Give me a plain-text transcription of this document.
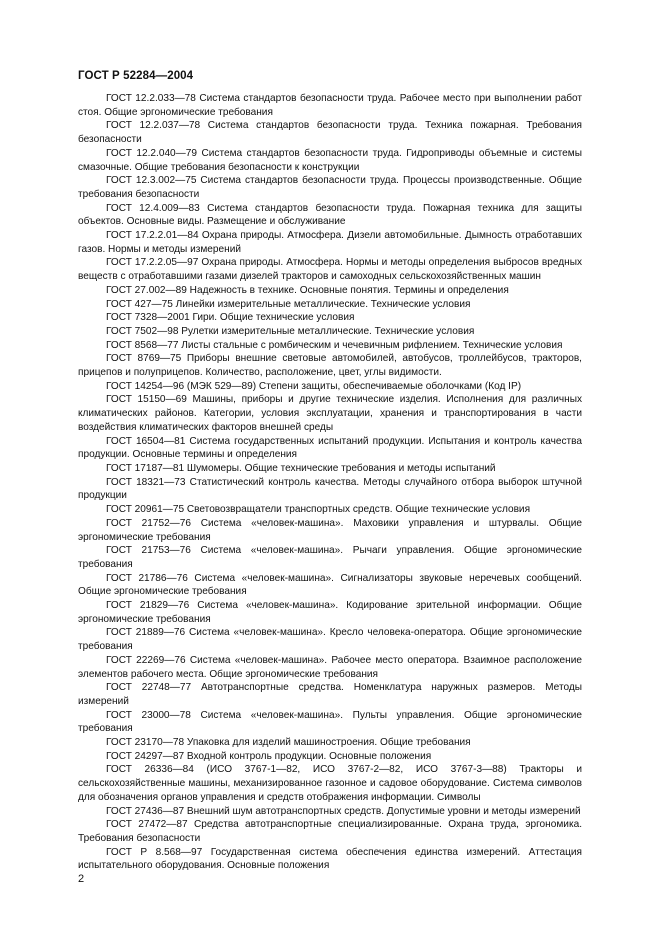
ГОСТ Р 52284—2004

ГОСТ 12.2.033—78 Система стандартов безопасности труда. Рабочее место при выполнении работ стоя. Общие эргономические требования

ГОСТ 12.2.037—78 Система стандартов безопасности труда. Техника пожарная. Требования безопасности

ГОСТ 12.2.040—79 Система стандартов безопасности труда. Гидроприводы объемные и системы смазочные. Общие требования безопасности к конструкции

ГОСТ 12.3.002—75 Система стандартов безопасности труда. Процессы производственные. Общие требования безопасности

ГОСТ 12.4.009—83 Система стандартов безопасности труда. Пожарная техника для защиты объектов. Основные виды. Размещение и обслуживание

ГОСТ 17.2.2.01—84 Охрана природы. Атмосфера. Дизели автомобильные. Дымность отработавших газов. Нормы и методы измерений

ГОСТ 17.2.2.05—97 Охрана природы. Атмосфера. Нормы и методы определения выбросов вредных веществ с отработавшими газами дизелей тракторов и самоходных сельскохозяйственных машин

ГОСТ 27.002—89 Надежность в технике. Основные понятия. Термины и определения

ГОСТ 427—75 Линейки измерительные металлические. Технические условия

ГОСТ 7328—2001 Гири. Общие технические условия

ГОСТ 7502—98 Рулетки измерительные металлические. Технические условия

ГОСТ 8568—77 Листы стальные с ромбическим и чечевичным рифлением. Технические условия

ГОСТ 8769—75 Приборы внешние световые автомобилей, автобусов, троллейбусов, тракторов, прицепов и полуприцепов. Количество, расположение, цвет, углы видимости.

ГОСТ 14254—96 (МЭК 529—89) Степени защиты, обеспечиваемые оболочками (Код IP)

ГОСТ 15150—69 Машины, приборы и другие технические изделия. Исполнения для различных климатических районов. Категории, условия эксплуатации, хранения и транспортирования в части воздействия климатических факторов внешней среды

ГОСТ 16504—81 Система государственных испытаний продукции. Испытания и контроль качества продукции. Основные термины и определения

ГОСТ 17187—81 Шумомеры. Общие технические требования и методы испытаний

ГОСТ 18321—73 Статистический контроль качества. Методы случайного отбора выборок штучной продукции

ГОСТ 20961—75 Световозвращатели транспортных средств. Общие технические условия

ГОСТ 21752—76 Система «человек-машина». Маховики управления и штурвалы. Общие эргономические требования

ГОСТ 21753—76 Система «человек-машина». Рычаги управления. Общие эргономические требования

ГОСТ 21786—76 Система «человек-машина». Сигнализаторы звуковые неречевых сообщений. Общие эргономические требования

ГОСТ 21829—76 Система «человек-машина». Кодирование зрительной информации. Общие эргономические требования

ГОСТ 21889—76 Система «человек-машина». Кресло человека-оператора. Общие эргономические требования

ГОСТ 22269—76 Система «человек-машина». Рабочее место оператора. Взаимное расположение элементов рабочего места. Общие эргономические требования

ГОСТ 22748—77 Автотранспортные средства. Номенклатура наружных размеров. Методы измерений

ГОСТ 23000—78 Система «человек-машина». Пульты управления. Общие эргономические требования

ГОСТ 23170—78 Упаковка для изделий машиностроения. Общие требования

ГОСТ 24297—87 Входной контроль продукции. Основные положения

ГОСТ 26336—84 (ИСО 3767-1—82, ИСО 3767-2—82, ИСО 3767-3—88) Тракторы и сельскохозяйственные машины, механизированное газонное и садовое оборудование. Система символов для обозначения органов управления и средств отображения информации. Символы

ГОСТ 27436—87 Внешний шум автотранспортных средств. Допустимые уровни и методы измерений

ГОСТ 27472—87 Средства автотранспортные специализированные. Охрана труда, эргономика. Требования безопасности

ГОСТ Р 8.568—97 Государственная система обеспечения единства измерений. Аттестация испытательного оборудования. Основные положения

2
